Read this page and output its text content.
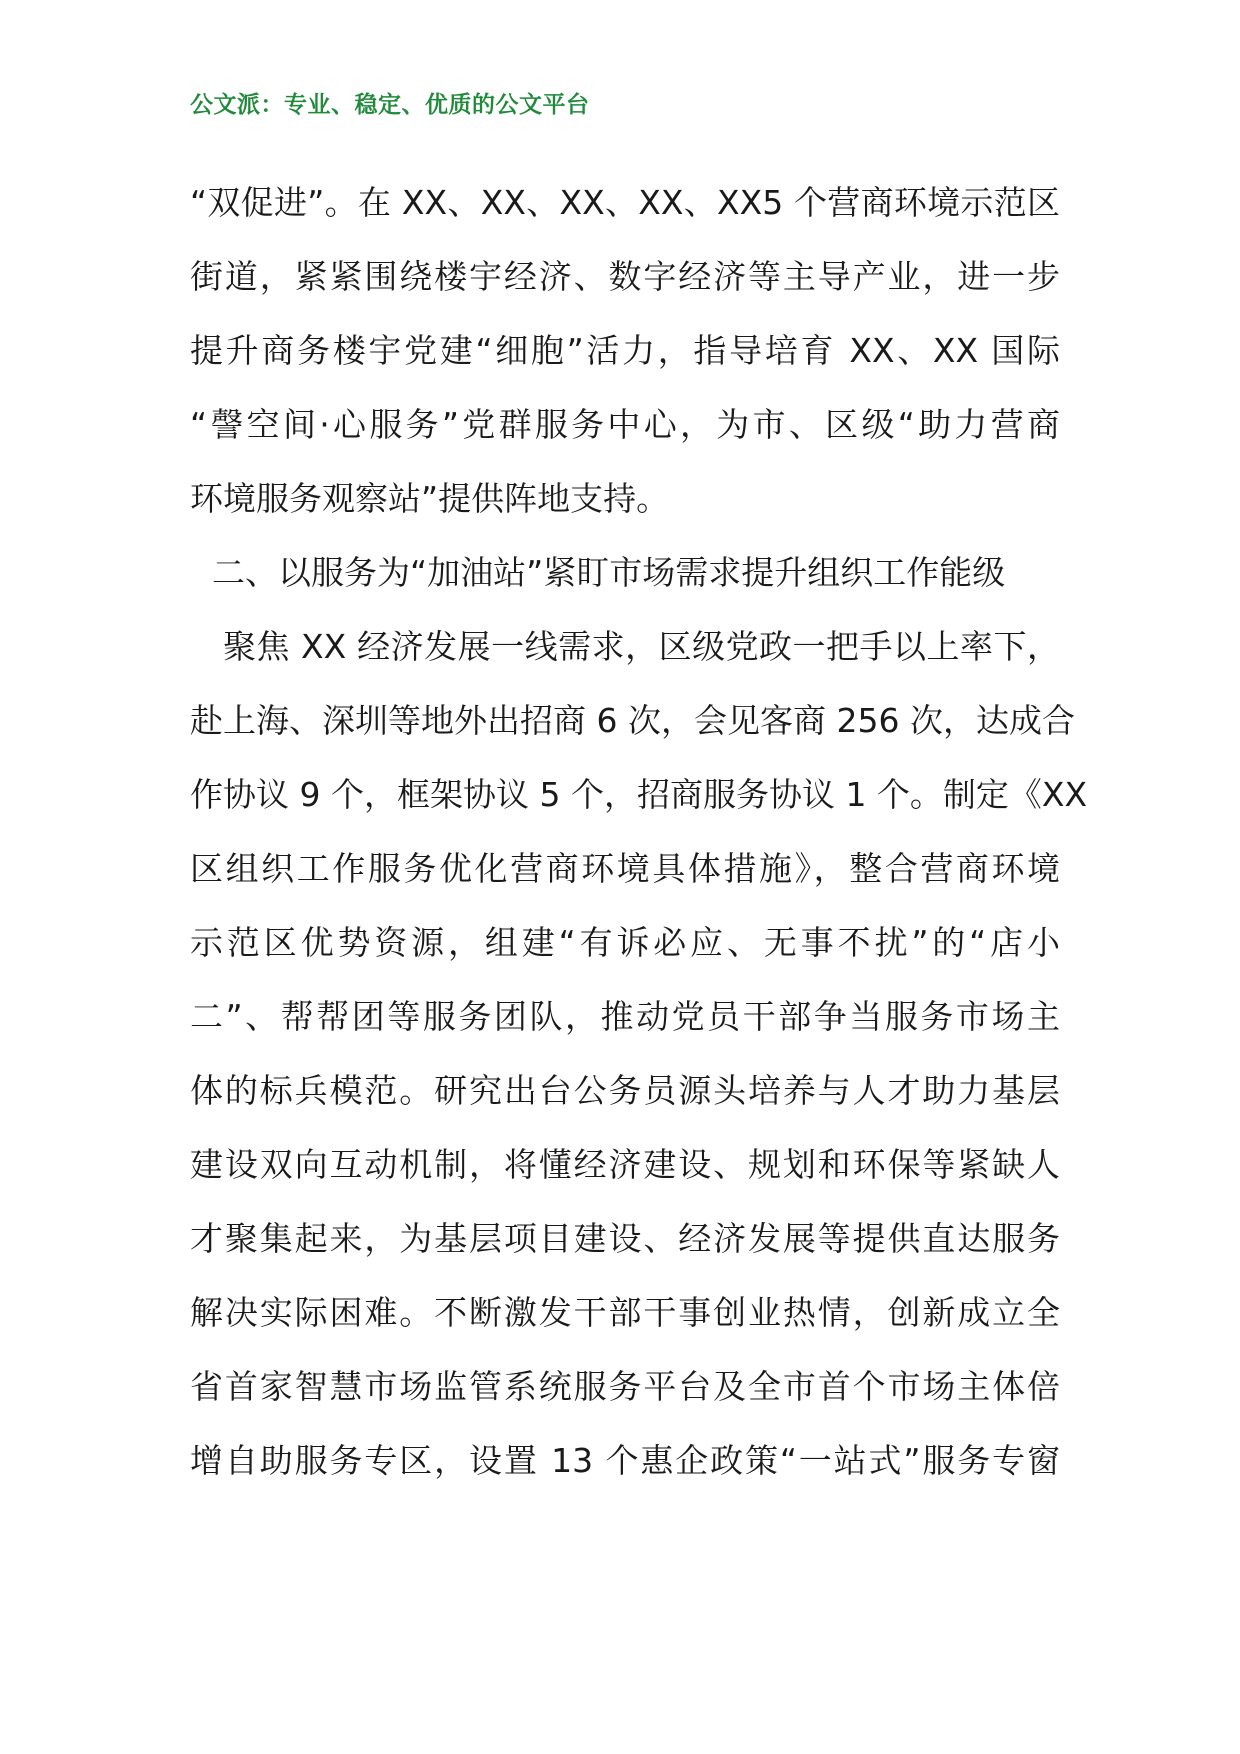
公文派：专业、稳定、优质的公文平台
“双促进”。在 XX、XX、XX、XX、XX5 个营商环境示范区
街道，紧紧围绕楼宇经济、数字经济等主导产业，进一步
提升商务楼宇党建“细胞”活力，指导培育 XX、XX 国际
“謦空间·心服务”党群服务中心，为市、区级“助力营商
环境服务观察站”提供阵地支持。
二、以服务为“加油站”紧盯市场需求提升组织工作能级
聚焦 XX 经济发展一线需求，区级党政一把手以上率下，
赴上海、深圳等地外出招商 6 次，会见客商 256 次，达成合
作协议 9 个，框架协议 5 个，招商服务协议 1 个。制定《XX
区组织工作服务优化营商环境具体措施》，整合营商环境
示范区优势资源，组建“有诉必应、无事不扰”的“店小
二”、帮帮团等服务团队，推动党员干部争当服务市场主
体的标兵模范。研究出台公务员源头培养与人才助力基层
建设双向互动机制，将懂经济建设、规划和环保等紧缺人
才聚集起来，为基层项目建设、经济发展等提供直达服务
解决实际困难。不断激发干部干事创业热情，创新成立全
省首家智慧市场监管系统服务平台及全市首个市场主体倍
增自助服务专区，设置 13 个惠企政策“一站式”服务专窗
